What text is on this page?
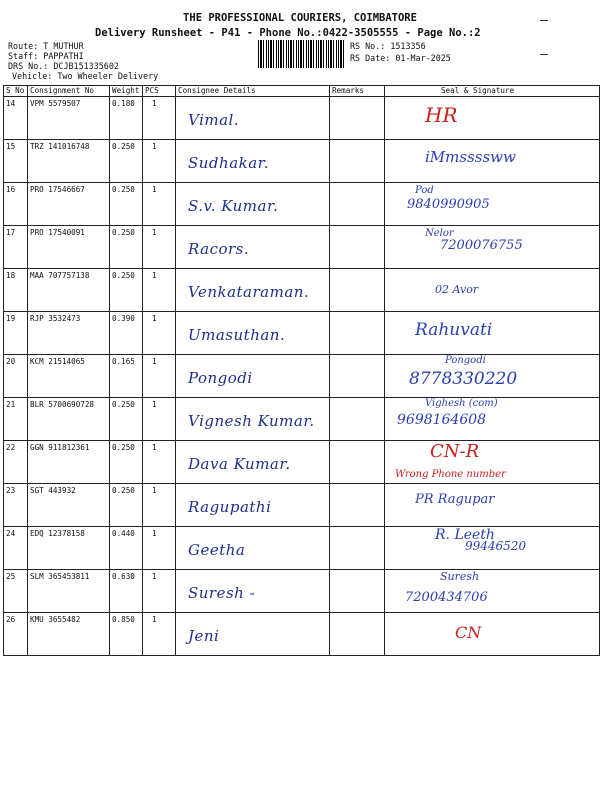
THE PROFESSIONAL COURIERS, COIMBATORE
Delivery Runsheet - P41 - Phone No.:0422-3505555 - Page No.:2
Route: T MUTHUR
Staff: PAPPATHI
DRS No.: DCJB151335602
Vehicle: Two Wheeler Delivery
RS No.: 1513356
RS Date: 01-Mar-2025
S No	Consignment No	Weight	PCS	Consignee Details	Remarks	Seal & Signature
14	VPM 5579507	0.180	1	Vimal.		HR

15	TRZ 141016748	0.250	1	Sudhakar.		iMmssssww

16	PRO 17546667	0.250	1	S.v. Kumar.		Pod
9840990905

17	PRO 17540091	0.250	1	Racors.		Nelor
7200076755

18	MAA 707757138	0.250	1	Venkataraman.		02 Avor

19	RJP 3532473	0.390	1	Umasuthan.		Rahuvati

20	KCM 21514065	0.165	1	Pongodi		Pongodi
8778330220

21	BLR 5700690728	0.250	1	Vignesh Kumar.		Vighesh (com)
9698164608

22	GGN 911812361	0.250	1	Dava Kumar.		CN-R
Wrong Phone number

23	SGT 443932	0.250	1	Ragupathi		PR Ragupar

24	EDQ 12378158	0.440	1	Geetha		R. Leeth
99446520

25	SLM 365453811	0.630	1	Suresh -		Suresh
7200434706

26	KMU 3655482	0.850	1	Jeni		CN
